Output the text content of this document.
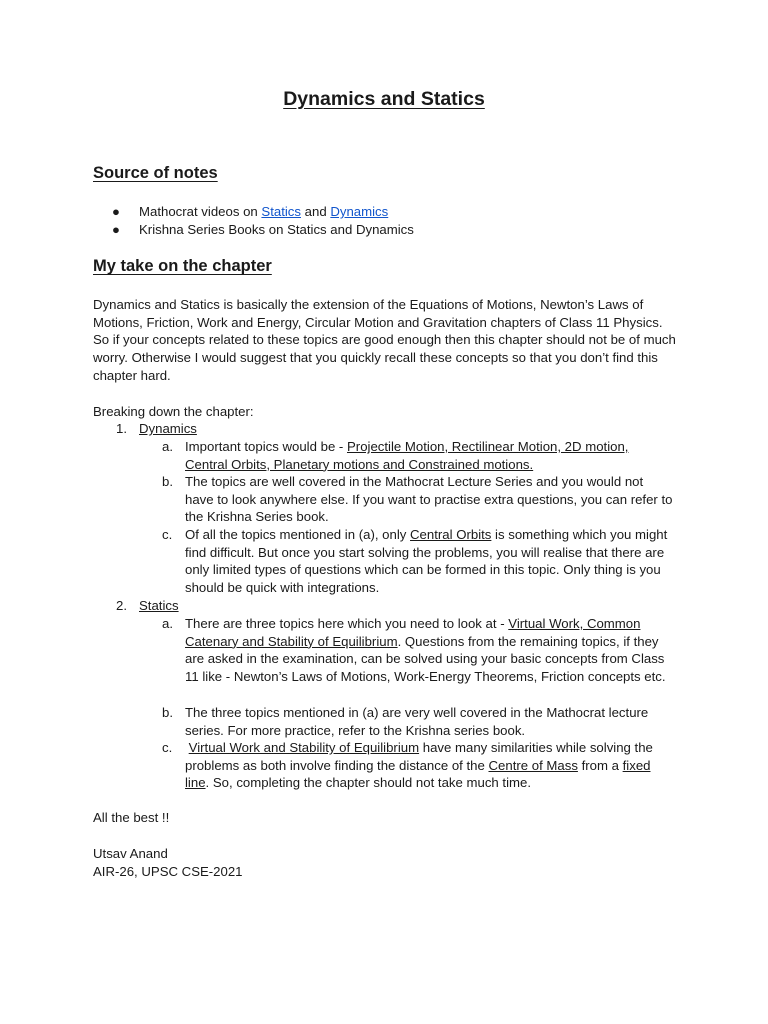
Dynamics and Statics
Source of notes
● Mathocrat videos on Statics and Dynamics
● Krishna Series Books on Statics and Dynamics
My take on the chapter
Dynamics and Statics is basically the extension of the Equations of Motions, Newton’s Laws of Motions, Friction, Work and Energy, Circular Motion and Gravitation chapters of Class 11 Physics. So if your concepts related to these topics are good enough then this chapter should not be of much worry. Otherwise I would suggest that you quickly recall these concepts so that you don’t find this chapter hard.
Breaking down the chapter:
1. Dynamics
a. Important topics would be - Projectile Motion, Rectilinear Motion, 2D motion, Central Orbits, Planetary motions and Constrained motions.
b. The topics are well covered in the Mathocrat Lecture Series and you would not have to look anywhere else. If you want to practise extra questions, you can refer to the Krishna Series book.
c. Of all the topics mentioned in (a), only Central Orbits is something which you might find difficult. But once you start solving the problems, you will realise that there are only limited types of questions which can be formed in this topic. Only thing is you should be quick with integrations.
2. Statics
a. There are three topics here which you need to look at - Virtual Work, Common Catenary and Stability of Equilibrium. Questions from the remaining topics, if they are asked in the examination, can be solved using your basic concepts from Class 11 like - Newton’s Laws of Motions, Work-Energy Theorems, Friction concepts etc.
b. The three topics mentioned in (a) are very well covered in the Mathocrat lecture series. For more practice, refer to the Krishna series book.
c. Virtual Work and Stability of Equilibrium have many similarities while solving the problems as both involve finding the distance of the Centre of Mass from a fixed line. So, completing the chapter should not take much time.
All the best !!
Utsav Anand
AIR-26, UPSC CSE-2021
